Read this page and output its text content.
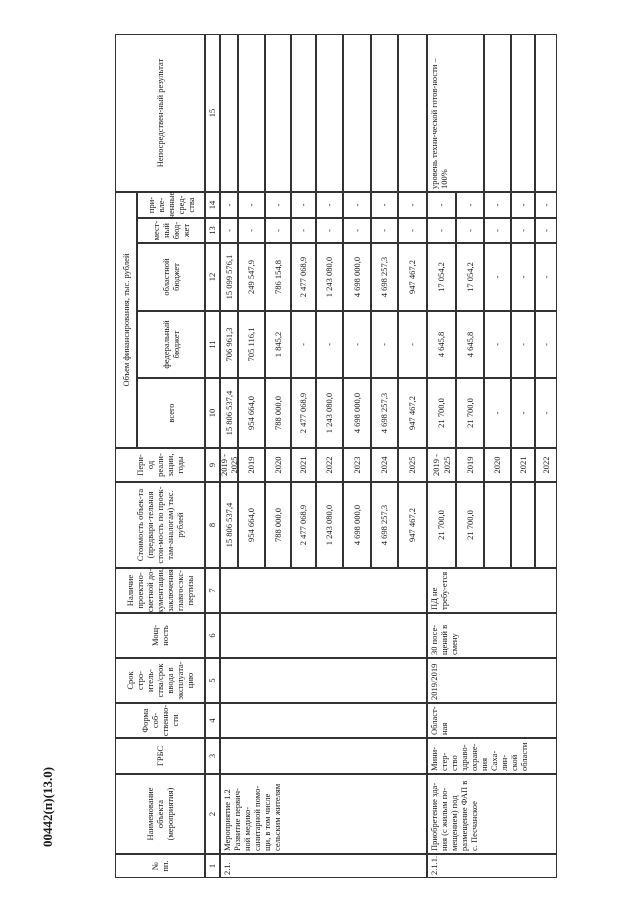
№ пп.
Наименование объекта (мероприятия)
ГРБС
Форма соб-ственно-сти
Срок стро-итель-ства/срок ввода в эксплуата-цию
Мощ-ность
Наличие проектно-сметной до-кументации, заключения главгосэкс-пертизы
Стоимость объек-та (предвари-тельная стои-мость по проек-там-аналогам) тыс. рублей
Пери-од реали-зации, годы
Объем финансирования, тыс. рублей
всего
федеральный бюджет
областной бюджет
мест-ный бюд-жет
при-вле-ченные сред-ства
Непосредствен-ный результат
1
2
3
4
5
6
7
8
9
10
11
12
13
14
15
2.1.
Мероприятие 1.2 Развитие первич-ной медико-санитарной помо-щи, в том числе сельским жителям
15 806 537,4
2019 - 2025
15 806 537,4
706 961,3
15 099 576,1
-
-
954 664,0
2019
954 664,0
705 116,1
249 547,9
-
-
788 000,0
2020
788 000,0
1 845,2
786 154,8
-
-
2 477 068,9
2021
2 477 068,9
-
2 477 068,9
-
-
1 243 080,0
2022
1 243 080,0
-
1 243 080,0
-
-
4 698 000,0
2023
4 698 000,0
-
4 698 000,0
-
-
4 698 257,3
2024
4 698 257,3
-
4 698 257,3
-
-
947 467,2
2025
947 467,2
-
947 467,2
-
-
2.1.1.
Приобретение зда-ния (с жилым по-мещением) под размещение ФАП в с. Песчанское
Мини-стер-ство здраво-охране-ния Саха-лин-ской области
Област-ная
2019/2019
30 посе-щений в смену
ПД не требу-ется
21 700,0
2019 - 2025
21 700,0
4 645,8
17 054,2
-
-
уровень техни-ческой готов-ности – 100%
21 700,0
2019
21 700,0
4 645,8
17 054,2
-
-
2020
-
-
-
-
-
2021
-
-
-
-
-
2022
-
-
-
-
-
00442(п)(13.0)
